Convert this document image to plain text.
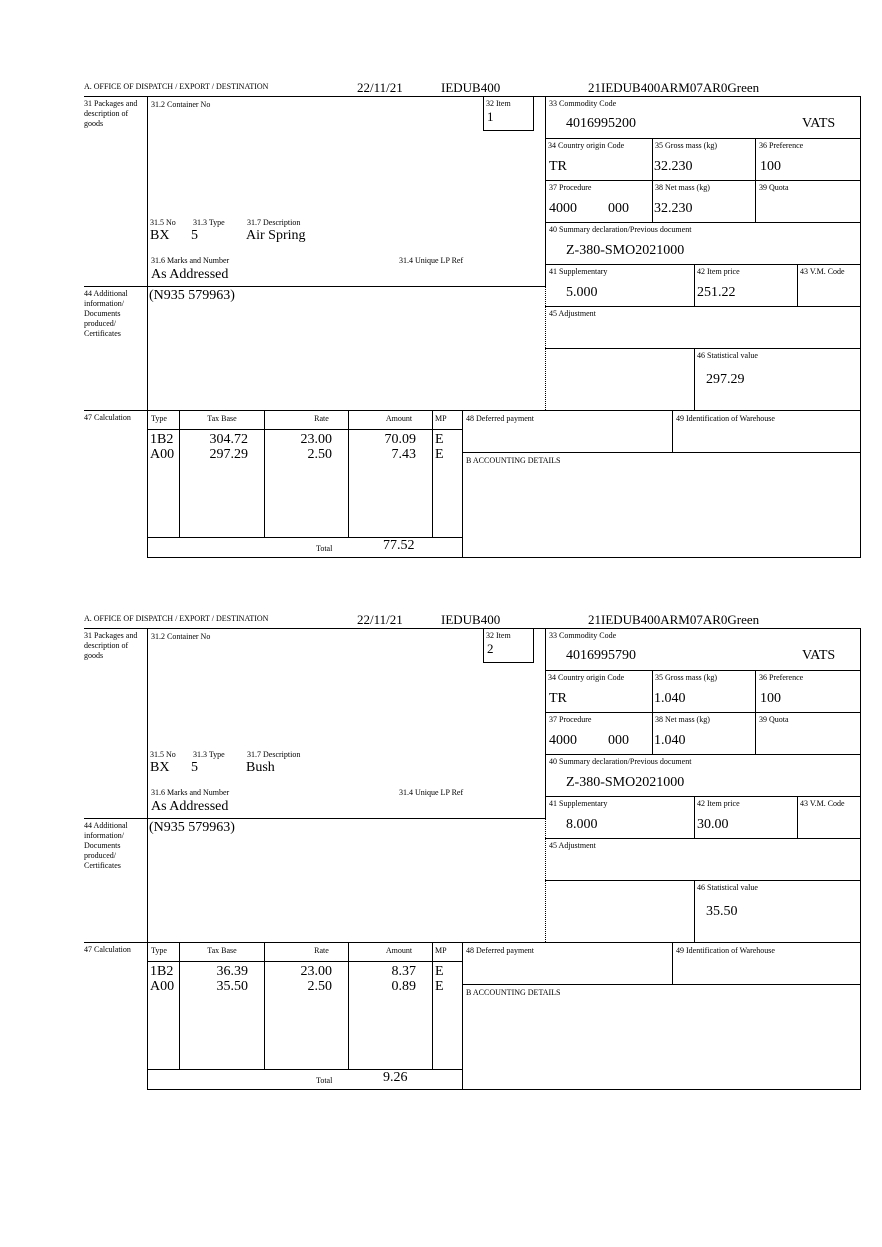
A. OFFICE OF DISPATCH / EXPORT / DESTINATION	22/11/21	IEDUB400	21IEDUB400ARM07AR0Green
31 Packages and description of goods
31.2 Container No	32 Item
1
33 Commodity Code
4016995200	VATS
34 Country origin Code
TR
35 Gross mass (kg)
32.230
36 Preference
100
37 Procedure
4000 000
38 Net mass (kg)
32.230
39 Quota
40 Summary declaration/Previous document
Z-380-SMO2021000
31.5 No 31.3 Type	31.7 Description
BX 5	Air Spring
31.6 Marks and Number
As Addressed
31.4 Unique LP Ref
41 Supplementary
5.000
42 Item price
251.22
43 V.M. Code
44 Additional information/ Documents produced/ Certificates
(N935 579963)
45 Adjustment
46 Statistical value
297.29
47 Calculation	Type	Tax Base	Rate	Amount	MP 48 Deferred payment	49 Identification of Warehouse
B ACCOUNTING DETAILS
1B2	304.72	23.00	70.09 E
A00	297.29	2.50	7.43 E
Total	77.52
A. OFFICE OF DISPATCH / EXPORT / DESTINATION	22/11/21	IEDUB400	21IEDUB400ARM07AR0Green
31 Packages and description of goods
31.2 Container No	32 Item
2
33 Commodity Code
4016995790	VATS
34 Country origin Code
TR
35 Gross mass (kg)
1.040
36 Preference
100
37 Procedure
4000 000
38 Net mass (kg)
1.040
39 Quota
40 Summary declaration/Previous document
Z-380-SMO2021000
31.5 No 31.3 Type	31.7 Description
BX 5	Bush
31.6 Marks and Number
As Addressed
31.4 Unique LP Ref
41 Supplementary
8.000
42 Item price
30.00
43 V.M. Code
44 Additional information/ Documents produced/ Certificates
(N935 579963)
45 Adjustment
46 Statistical value
35.50
47 Calculation	Type	Tax Base	Rate	Amount	MP 48 Deferred payment	49 Identification of Warehouse
B ACCOUNTING DETAILS
1B2	36.39	23.00	8.37 E
A00	35.50	2.50	0.89 E
Total	9.26
